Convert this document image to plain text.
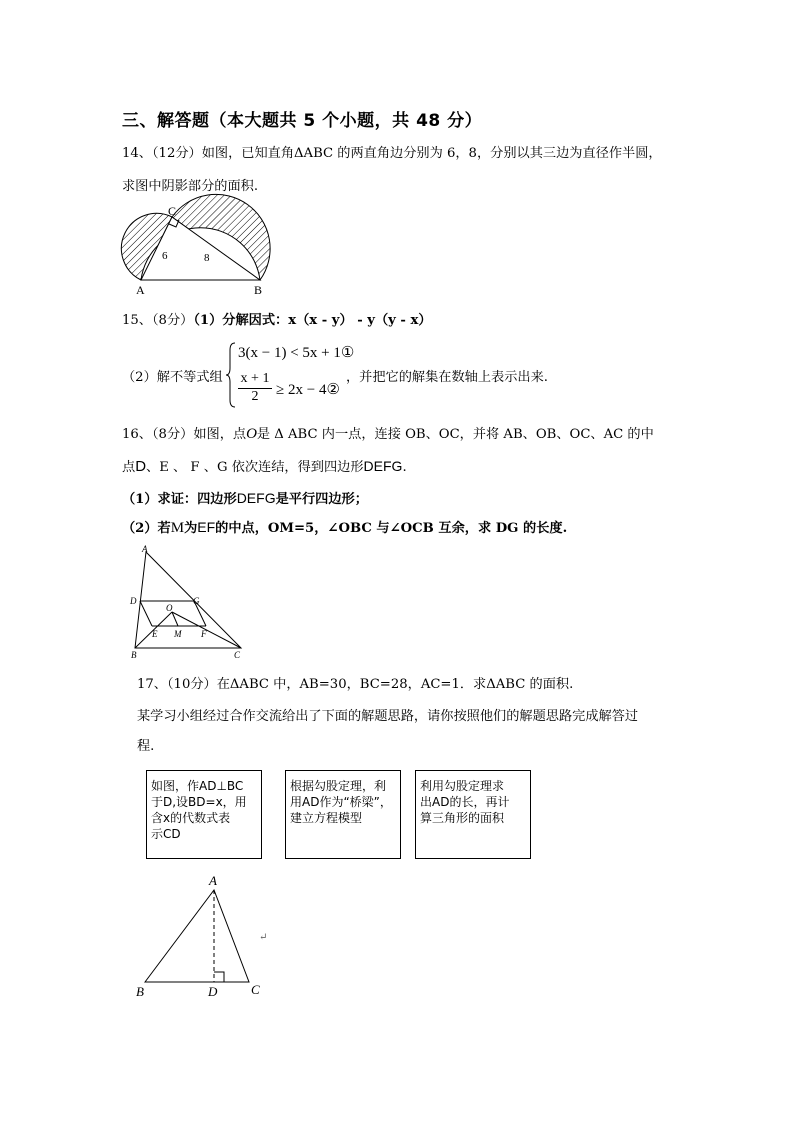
三、解答题（本大题共 5 个小题，共 48 分）
14、（12分）如图，已知直角ΔABC 的两直角边分别为 6，8，分别以其三边为直径作半圆，
求图中阴影部分的面积.
C
A	B
6	8
15、（8分）（1）分解因式：x（x - y） - y（y - x）
（2）解不等式组
3(x − 1) < 5x + 1①
$\frac{x + 1}{2} \ge 2x$ − 4②
，并把它的解集在数轴上表示出来.
16、（8分）如图，点O是 Δ ABC 内一点，连接 OB、OC，并将 AB、OB、OC、AC 的中
点D、E 、 F 、G 依次连结，得到四边形DEFG.
（1）求证：四边形DEFG是平行四边形；
（2）若M为EF的中点，OM=5，∠OBC 与∠OCB 互余，求 DG 的长度.
A
D	G
O
E M F
B	C
17、（10分）在ΔABC 中，AB=30，BC=28，AC=1．求ΔABC 的面积.
某学习小组经过合作交流给出了下面的解题思路，请你按照他们的解题思路完成解答过
程.
如图，作AD⊥BC
于D,设BD=x，用
含x的代数式表
示CD
根据勾股定理，利
用AD作为“桥梁”，
建立方程模型
利用勾股定理求
出AD的长，再计
算三角形的面积
A
B	D	C
↵
